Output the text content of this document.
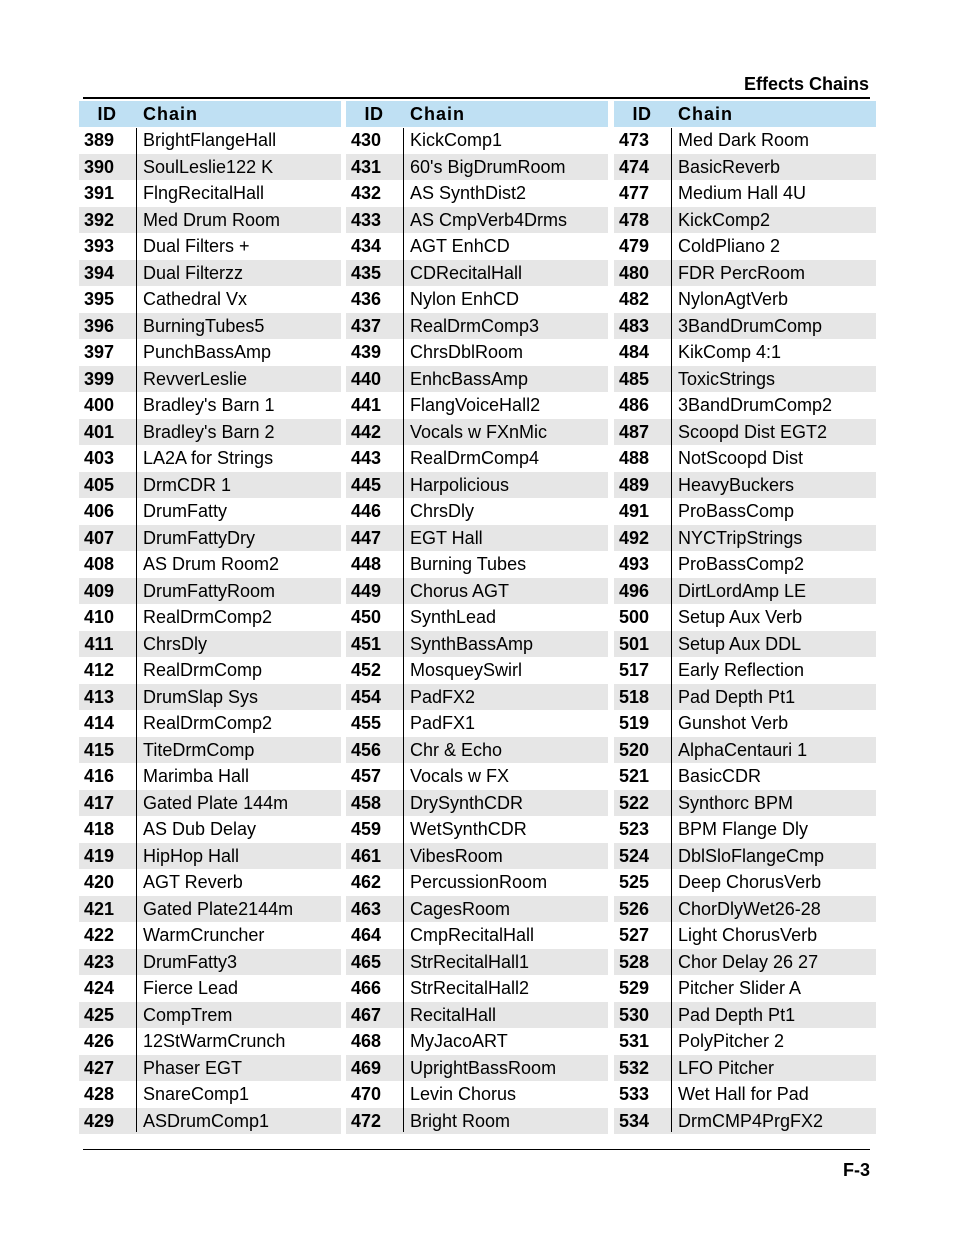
Effects Chains
ID	Chain
389 BrightFlangeHall
390 SoulLeslie122 K
391 FlngRecitalHall
392 Med Drum Room
393 Dual Filters +
394 Dual Filterzz
395 Cathedral Vx
396 BurningTubes5
397 PunchBassAmp
399 RevverLeslie
400 Bradley's Barn 1
401 Bradley's Barn 2
403 LA2A for Strings
405 DrmCDR 1
406 DrumFatty
407 DrumFattyDry
408 AS Drum Room2
409 DrumFattyRoom
410 RealDrmComp2
411	ChrsDly
412 RealDrmComp
413 DrumSlap Sys
414 RealDrmComp2
415 TiteDrmComp
416 Marimba Hall
417 Gated Plate 144m
418 AS Dub Delay
419 HipHop Hall
420 AGT Reverb
421 Gated Plate2144m
422 WarmCruncher
423 DrumFatty3
424 Fierce Lead
425 CompTrem
426 12StWarmCrunch
427 Phaser EGT
428 SnareComp1
429 ASDrumComp1
ID	Chain
430 KickComp1
431 60's BigDrumRoom
432 AS SynthDist2
433 AS CmpVerb4Drms
434 AGT EnhCD
435 CDRecitalHall
436 Nylon EnhCD
437 RealDrmComp3
439 ChrsDblRoom
440 EnhcBassAmp
441 FlangVoiceHall2
442 Vocals w FXnMic
443 RealDrmComp4
445 Harpolicious
446 ChrsDly
447 EGT Hall
448 Burning Tubes
449 Chorus AGT
450 SynthLead
451 SynthBassAmp
452 MosqueySwirl
454 PadFX2
455 PadFX1
456 Chr & Echo
457 Vocals w FX
458 DrySynthCDR
459 WetSynthCDR
461 VibesRoom
462 PercussionRoom
463 CagesRoom
464 CmpRecitalHall
465 StrRecitalHall1
466 StrRecitalHall2
467 RecitalHall
468 MyJacoART
469 UprightBassRoom
470 Levin Chorus
472 Bright Room
ID	Chain
473 Med Dark Room
474 BasicReverb
477 Medium Hall 4U
478 KickComp2
479 ColdPliano 2
480 FDR PercRoom
482 NylonAgtVerb
483 3BandDrumComp
484 KikComp 4:1
485 ToxicStrings
486 3BandDrumComp2
487 Scoopd Dist EGT2
488 NotScoopd Dist
489 HeavyBuckers
491 ProBassComp
492 NYCTripStrings
493 ProBassComp2
496 DirtLordAmp LE
500 Setup Aux Verb
501 Setup Aux DDL
517 Early Reflection
518 Pad Depth Pt1
519 Gunshot Verb
520 AlphaCentauri 1
521 BasicCDR
522 Synthorc BPM
523 BPM Flange Dly
524 DblSloFlangeCmp
525 Deep ChorusVerb
526 ChorDlyWet26-28
527 Light ChorusVerb
528 Chor Delay 26 27
529 Pitcher Slider A
530 Pad Depth Pt1
531 PolyPitcher 2
532 LFO Pitcher
533 Wet Hall for Pad
534 DrmCMP4PrgFX2
F-3
